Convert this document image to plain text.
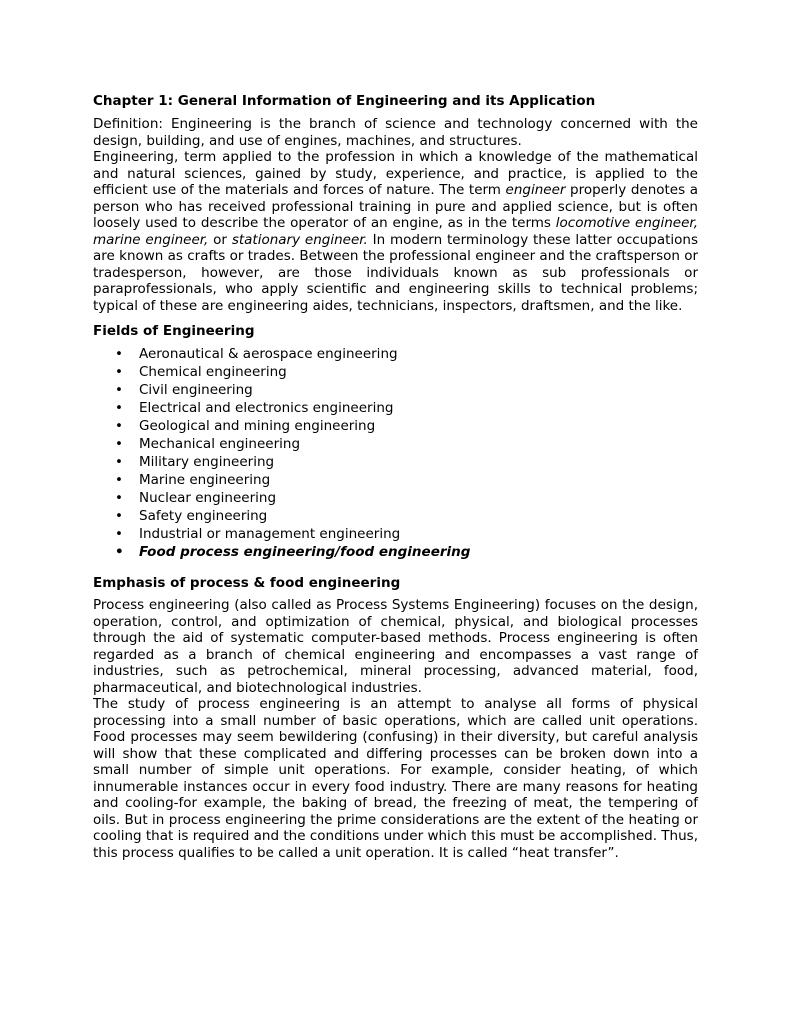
Chapter 1: General Information of Engineering and its Application

Definition: Engineering is the branch of science and technology concerned with the design, building, and use of engines, machines, and structures.

Engineering, term applied to the profession in which a knowledge of the mathematical and natural sciences, gained by study, experience, and practice, is applied to the efficient use of the materials and forces of nature. The term engineer properly denotes a person who has received professional training in pure and applied science, but is often loosely used to describe the operator of an engine, as in the terms locomotive engineer, marine engineer, or stationary engineer. In modern terminology these latter occupations are known as crafts or trades. Between the professional engineer and the craftsperson or tradesperson, however, are those individuals known as sub professionals or paraprofessionals, who apply scientific and engineering skills to technical problems; typical of these are engineering aides, technicians, inspectors, draftsmen, and the like.

Fields of Engineering
• Aeronautical & aerospace engineering
• Chemical engineering
• Civil engineering
• Electrical and electronics engineering
• Geological and mining engineering
• Mechanical engineering
• Military engineering
• Marine engineering
• Nuclear engineering
• Safety engineering
• Industrial or management engineering
• Food process engineering/food engineering
Emphasis of process & food engineering

Process engineering (also called as Process Systems Engineering) focuses on the design, operation, control, and optimization of chemical, physical, and biological processes through the aid of systematic computer-based methods. Process engineering is often regarded as a branch of chemical engineering and encompasses a vast range of industries, such as petrochemical, mineral processing, advanced material, food, pharmaceutical, and biotechnological industries.

The study of process engineering is an attempt to analyse all forms of physical processing into a small number of basic operations, which are called unit operations. Food processes may seem bewildering (confusing) in their diversity, but careful analysis will show that these complicated and differing processes can be broken down into a small number of simple unit operations. For example, consider heating, of which innumerable instances occur in every food industry. There are many reasons for heating and cooling-for example, the baking of bread, the freezing of meat, the tempering of oils. But in process engineering the prime considerations are the extent of the heating or cooling that is required and the conditions under which this must be accomplished. Thus, this process qualifies to be called a unit operation. It is called “heat transfer”.
